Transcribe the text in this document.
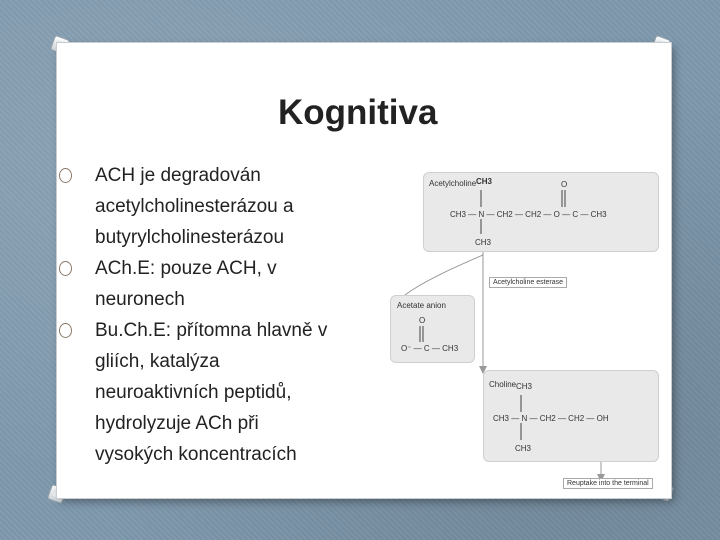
Kognitiva
ACH je degradován
acetylcholinesterázou a
butyrylcholinesterázou
ACh.E: pouze ACH, v
neuronech
Bu.Ch.E: přítomna hlavně v
gliích, katalýza
neuroaktivních peptidů,
hydrolyzuje ACh při
vysokých koncentracích
Acetylcholine CH3	O
CH3 — N — CH2 — CH2 — O — C — CH3
CH3
Acetylcholine esterase
Acetate anion
O
O⁻ — C — CH3
Choline CH3
CH3 — N — CH2 — CH2 — OH
CH3
Reuptake into the terminal
